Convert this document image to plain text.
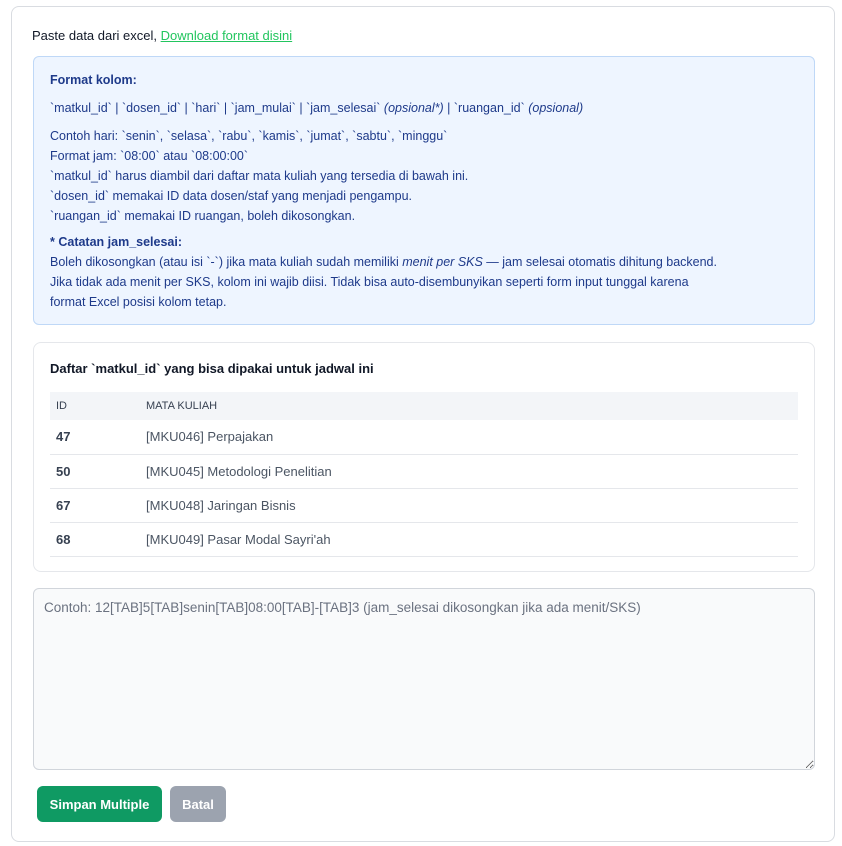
Paste data dari excel, Download format disini

Format kolom:

`matkul_id` | `dosen_id` | `hari` | `jam_mulai` | `jam_selesai` (opsional*) | `ruangan_id` (opsional)

Contoh hari: `senin`, `selasa`, `rabu`, `kamis`, `jumat`, `sabtu`, `minggu`

Format jam: `08:00` atau `08:00:00`

`matkul_id` harus diambil dari daftar mata kuliah yang tersedia di bawah ini.

`dosen_id` memakai ID data dosen/staf yang menjadi pengampu.

`ruangan_id` memakai ID ruangan, boleh dikosongkan.

* Catatan jam_selesai:

Boleh dikosongkan (atau isi `-`) jika mata kuliah sudah memiliki menit per SKS — jam selesai otomatis dihitung backend.

Jika tidak ada menit per SKS, kolom ini wajib diisi. Tidak bisa auto-disembunyikan seperti form input tunggal karena

format Excel posisi kolom tetap.

Daftar `matkul_id` yang bisa dipakai untuk jadwal ini
ID	MATA KULIAH
47	[MKU046] Perpajakan
50	[MKU045] Metodologi Penelitian
67	[MKU048] Jaringan Bisnis
68	[MKU049] Pasar Modal Sayri'ah
Contoh: 12[TAB]5[TAB]senin[TAB]08:00[TAB]-[TAB]3 (jam_selesai dikosongkan jika ada menit/SKS)
Simpan Multiple	Batal
